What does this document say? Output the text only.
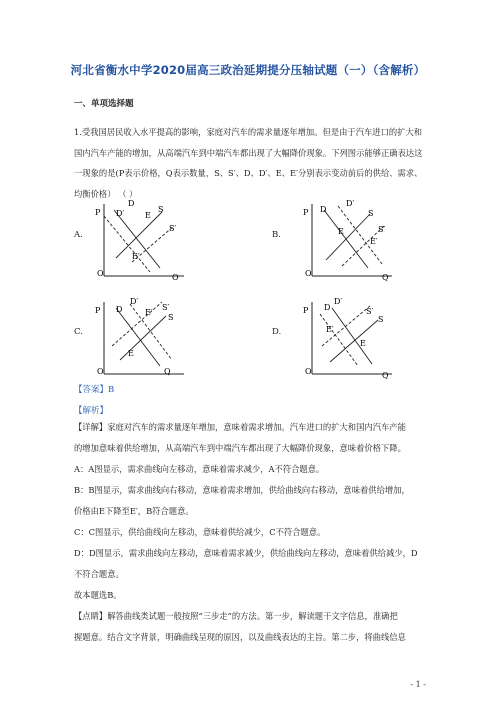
河北省衡水中学2020届高三政治延期提分压轴试题（一）（含解析）
一、单项选择题
1.受我国居民收入水平提高的影响，家庭对汽车的需求量逐年增加。但是由于汽车进口的扩大和国内汽车产能的增加，从高端汽车到中端汽车都出现了大幅降价现象。下列图示能够正确表达这一现象的是(P表示价格，Q表示数量，S、S′、D、D′、E、E′分别表示变动前后的供给、需求、均衡价格） （ ）
A.
P
O	O
D
D′	S
S′
E
E′
B.
P
O	Q
D
D′
S
S′
E
E′
C.
P
O	Q
D
D′
S
S′
E
E′
D.
P
O	Q
D
D′
S
S′
E
E′
【答案】B
【解析】
【详解】家庭对汽车的需求量逐年增加，意味着需求增加。汽车进口的扩大和国内汽车产能
的增加意味着供给增加，从高端汽车到中端汽车都出现了大幅降价现象，意味着价格下降。
A：A图显示，需求曲线向左移动，意味着需求减少，A不符合题意。
B：B图显示，需求曲线向右移动，意味着需求增加，供给曲线向右移动，意味着供给增加，
价格由E下降至E′，B符合题意。
C：C图显示，供给曲线向左移动，意味着供给减少，C不符合题意。
D：D图显示，需求曲线向左移动，意味着需求减少，供给曲线向左移动，意味着供给减少，D
不符合题意。
故本题选B。
【点睛】解答曲线类试题一般按照“三步走”的方法。第一步，解读题干文字信息，准确把
握题意。结合文字背景，明确曲线呈现的原因，以及曲线表达的主旨。第二步，将曲线信息
- 1 -
